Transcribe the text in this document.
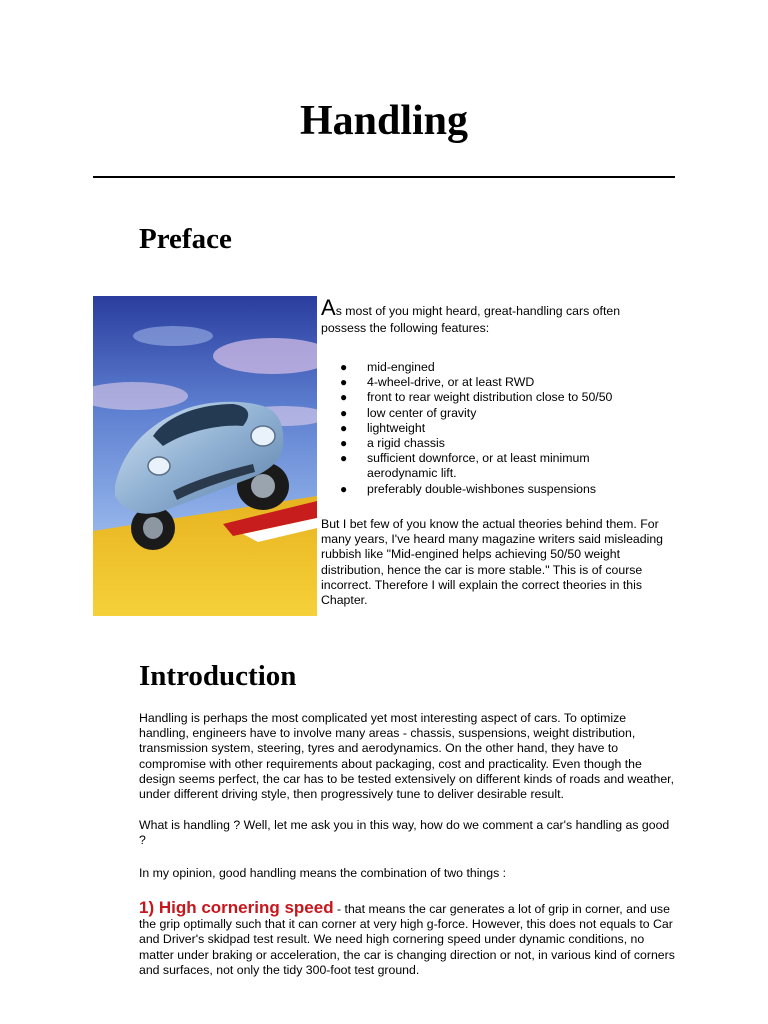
Handling
Preface
As most of you might heard, great-handling cars often
possess the following features:
● mid-engined
● 4-wheel-drive, or at least RWD
● front to rear weight distribution close to 50/50
● low center of gravity
● lightweight
● a rigid chassis
● sufficient downforce, or at least minimum aerodynamic lift.
● preferably double-wishbones suspensions

But I bet few of you know the actual theories behind them. For many years, I've heard many magazine writers said misleading rubbish like "Mid-engined helps achieving 50/50 weight distribution, hence the car is more stable." This is of course incorrect. Therefore I will explain the correct theories in this Chapter.

Introduction

Handling is perhaps the most complicated yet most interesting aspect of cars. To optimize handling, engineers have to involve many areas - chassis, suspensions, weight distribution, transmission system, steering, tyres and aerodynamics. On the other hand, they have to compromise with other requirements about packaging, cost and practicality. Even though the design seems perfect, the car has to be tested extensively on different kinds of roads and weather, under different driving style, then progressively tune to deliver desirable result.

What is handling ? Well, let me ask you in this way, how do we comment a car's handling as good ?

In my opinion, good handling means the combination of two things :

1) High cornering speed - that means the car generates a lot of grip in corner, and use the grip optimally such that it can corner at very high g-force. However, this does not equals to Car and Driver's skidpad test result. We need high cornering speed under dynamic conditions, no matter under braking or acceleration, the car is changing direction or not, in various kind of corners and surfaces, not only the tidy 300-foot test ground.
